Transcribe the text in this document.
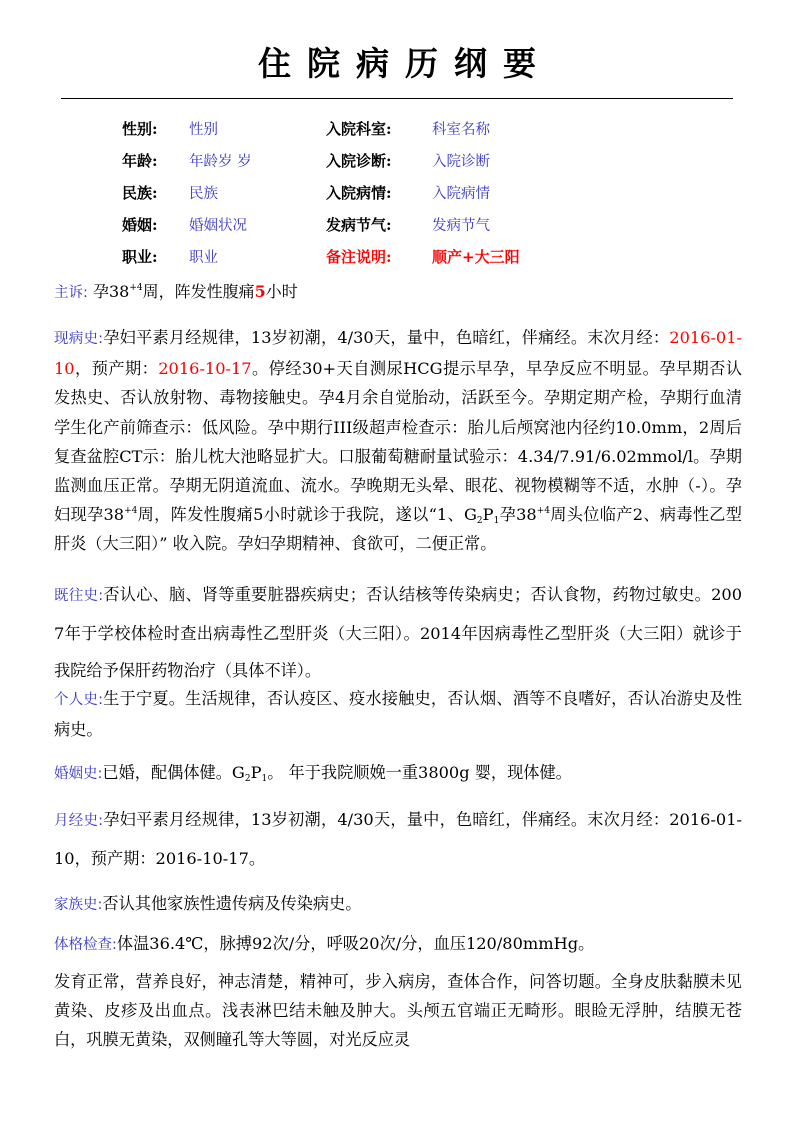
住院病历纲要
性别:	性别	入院科室:	科室名称
年龄:	年龄岁 岁	入院诊断:	入院诊断
民族:	民族	入院病情:	入院病情
婚姻:	婚姻状况	发病节气:	发病节气
职业:	职业	备注说明:	顺产+大三阳
主诉: 孕$38^{+4}$周，阵发性腹痛5小时
现病史:孕妇平素月经规律，13岁初潮，4/30天，量中，色暗红，伴痛经。末次月经：2016-01-10，预产期：2016-10-17。停经30+天自测尿HCG提示早孕，早孕反应不明显。孕早期否认发热史、否认放射物、毒物接触史。孕4月余自觉胎动，活跃至今。孕期定期产检，孕期行血清学生化产前筛查示：低风险。孕中期行III级超声检查示：胎儿后颅窝池内径约10.0mm，2周后复查盆腔CT示：胎儿枕大池略显扩大。口服葡萄糖耐量试验示：4.34/7.91/6.02mmol/l。孕期监测血压正常。孕期无阴道流血、流水。孕晚期无头晕、眼花、视物模糊等不适，水肿（-）。孕妇现孕$38^{+4}$周，阵发性腹痛5小时就诊于我院，遂以“1、$G_2P_1$孕$38^{+4}$周头位临产2、病毒性乙型肝炎（大三阳）” 收入院。孕妇孕期精神、食欲可，二便正常。
既往史:否认心、脑、肾等重要脏器疾病史；否认结核等传染病史；否认食物，药物过敏史。2007年于学校体检时查出病毒性乙型肝炎（大三阳）。2014年因病毒性乙型肝炎（大三阳）就诊于我院给予保肝药物治疗（具体不详）。
个人史:生于宁夏。生活规律，否认疫区、疫水接触史，否认烟、酒等不良嗜好，否认冶游史及性病史。
婚姻史:已婚，配偶体健。$G_2P_1$。 年于我院顺娩一重3800g 婴，现体健。
月经史:孕妇平素月经规律，13岁初潮，4/30天，量中，色暗红，伴痛经。末次月经：2016-01-10，预产期：2016-10-17。
家族史:否认其他家族性遗传病及传染病史。
体格检查:体温36.4℃，脉搏92次/分，呼吸20次/分，血压120/80mmHg。
发育正常，营养良好，神志清楚，精神可，步入病房，查体合作，问答切题。全身皮肤黏膜未见黄染、皮疹及出血点。浅表淋巴结未触及肿大。头颅五官端正无畸形。眼睑无浮肿，结膜无苍白，巩膜无黄染，双侧瞳孔等大等圆，对光反应灵
